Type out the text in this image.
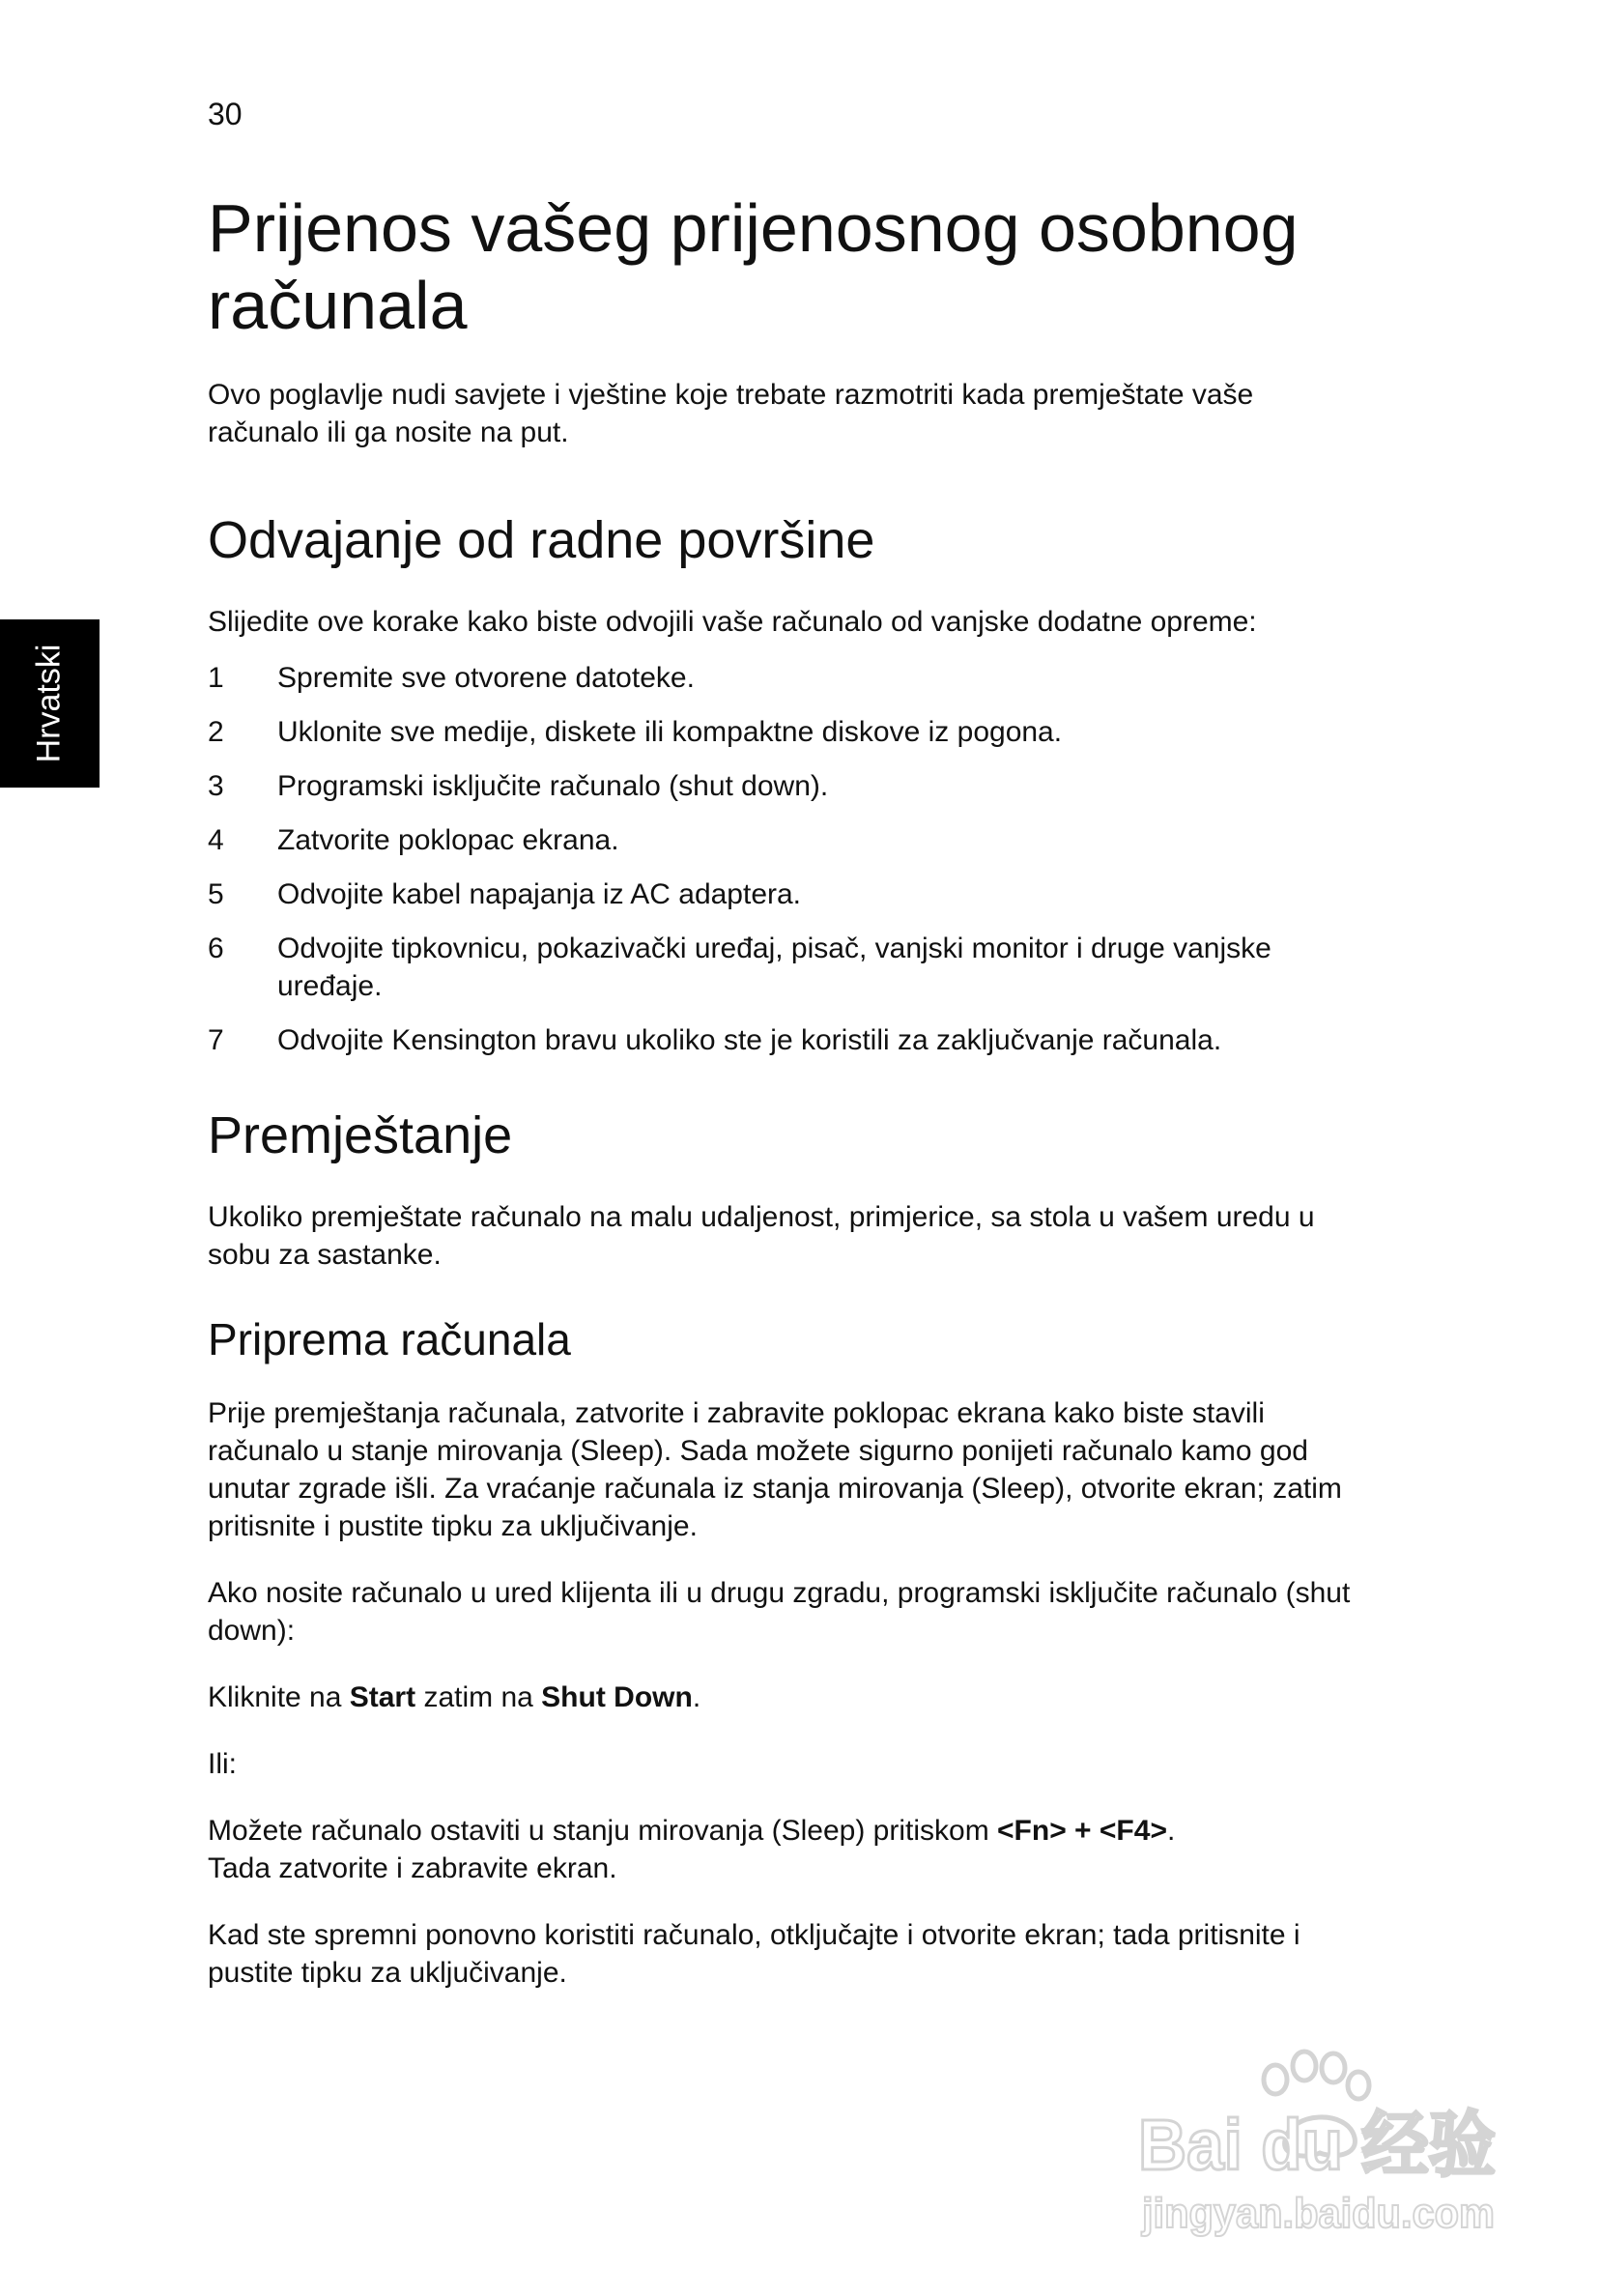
30
Hrvatski
Prijenos vašeg prijenosnog osobnog računala

Ovo poglavlje nudi savjete i vještine koje trebate razmotriti kada premještate vaše računalo ili ga nosite na put.

Odvajanje od radne površine

Slijedite ove korake kako biste odvojili vaše računalo od vanjske dodatne opreme:

1	Spremite sve otvorene datoteke.
2	Uklonite sve medije, diskete ili kompaktne diskove iz pogona.
3	Programski isključite računalo (shut down).
4	Zatvorite poklopac ekrana.
5	Odvojite kabel napajanja iz AC adaptera.
6	Odvojite tipkovnicu, pokazivački uređaj, pisač, vanjski monitor i druge vanjske uređaje.
7	Odvojite Kensington bravu ukoliko ste je koristili za zaključvanje računala.
Premještanje

Ukoliko premještate računalo na malu udaljenost, primjerice, sa stola u vašem uredu u sobu za sastanke.

Priprema računala

Prije premještanja računala, zatvorite i zabravite poklopac ekrana kako biste stavili računalo u stanje mirovanja (Sleep). Sada možete sigurno ponijeti računalo kamo god unutar zgrade išli. Za vraćanje računala iz stanja mirovanja (Sleep), otvorite ekran; zatim pritisnite i pustite tipku za uključivanje.

Ako nosite računalo u ured klijenta ili u drugu zgradu, programski isključite računalo (shut down):

Kliknite na Start zatim na Shut Down.

Ili:

Možete računalo ostaviti u stanju mirovanja (Sleep) pritiskom <Fn> + <F4>.
Tada zatvorite i zabravite ekran.

Kad ste spremni ponovno koristiti računalo, otključajte i otvorite ekran; tada pritisnite i pustite tipku za uključivanje.

Bai du 经验
jingyan.baidu.com
